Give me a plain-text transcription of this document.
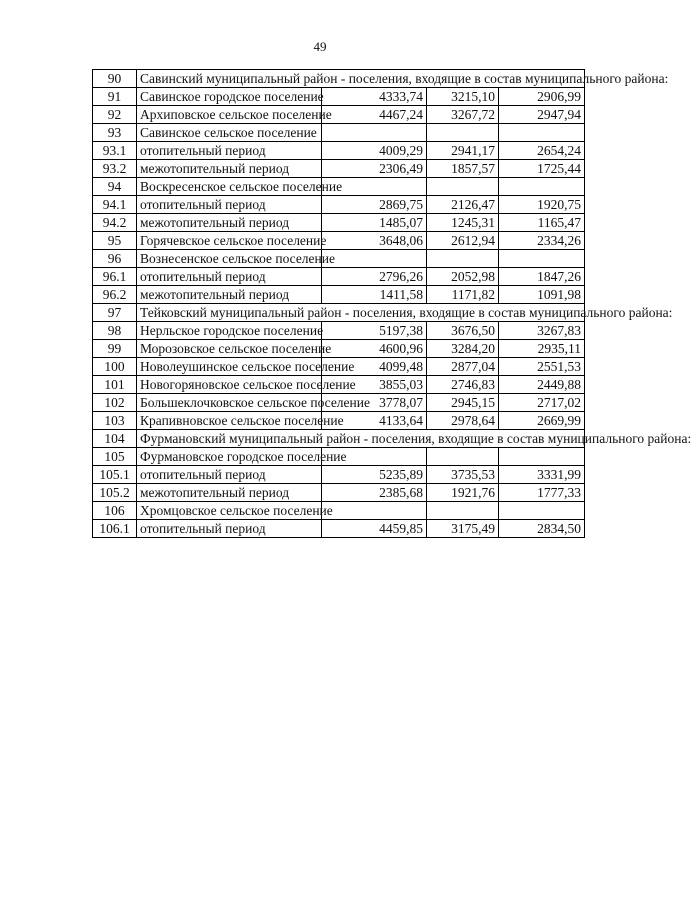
49
90	Савинский муниципальный район - поселения, входящие в состав муниципального района:			
91	Савинское городское поселение	4333,74	3215,10	2906,99
92	Архиповское сельское поселение	4467,24	3267,72	2947,94
93	Савинское сельское поселение			
93.1	отопительный период	4009,29	2941,17	2654,24
93.2	межотопительный период	2306,49	1857,57	1725,44
94	Воскресенское сельское поселение			
94.1	отопительный период	2869,75	2126,47	1920,75
94.2	межотопительный период	1485,07	1245,31	1165,47
95	Горячевское сельское поселение	3648,06	2612,94	2334,26
96	Вознесенское сельское поселение			
96.1	отопительный период	2796,26	2052,98	1847,26
96.2	межотопительный период	1411,58	1171,82	1091,98
97	Тейковский муниципальный район - поселения, входящие в состав муниципального района:			
98	Нерльское городское поселение	5197,38	3676,50	3267,83
99	Морозовское сельское поселение	4600,96	3284,20	2935,11
100	Новолеушинское сельское поселение	4099,48	2877,04	2551,53
101	Новогоряновское сельское поселение	3855,03	2746,83	2449,88
102	Большеклочковское сельское поселение	3778,07	2945,15	2717,02
103	Крапивновское сельское поселение	4133,64	2978,64	2669,99
104	Фурмановский муниципальный район - поселения, входящие в состав муниципального района:			
105	Фурмановское городское поселение			
105.1	отопительный период	5235,89	3735,53	3331,99
105.2	межотопительный период	2385,68	1921,76	1777,33
106	Хромцовское сельское поселение			
106.1	отопительный период	4459,85	3175,49	2834,50
